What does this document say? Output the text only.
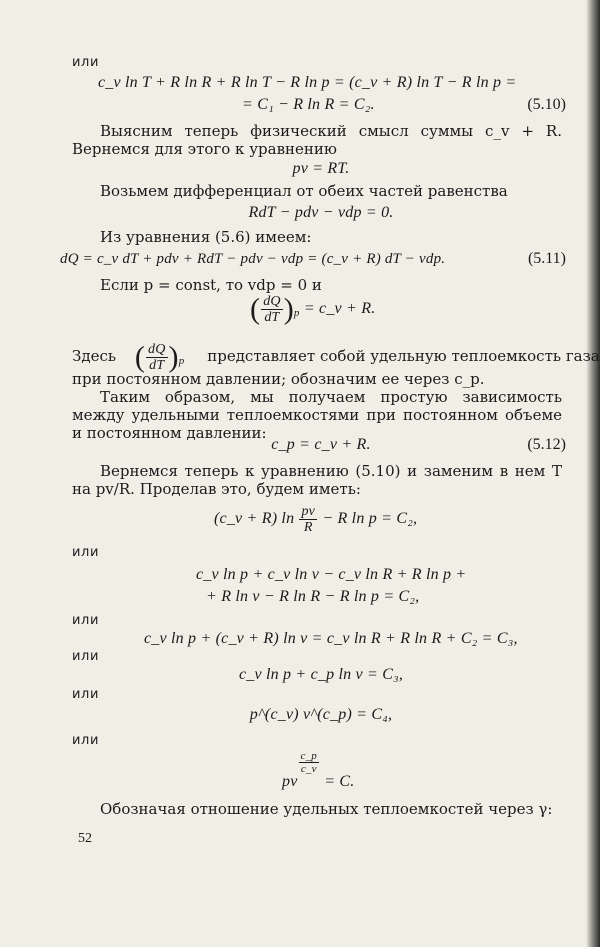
или
c_v ln T + R ln R + R ln T − R ln p = (c_v + R) ln T − R ln p =
= C₁ − R ln R = C₂.	(5.10)
Выясним теперь физический смысл суммы c_v + R. Вернемся для этого к уравнению
pv = RT.
Возьмем дифференциал от обеих частей равенства
RdT − pdv − vdp = 0.
Из уравнения (5.6) имеем:
dQ = c_v dT + pdv + RdT − pdv − vdp = (c_v + R) dT − vdp.	(5.11)
Если p = const, то vdp = 0 и
( $\frac{dQ}{dT} )_p$ = c_v + R.
Здесь ( $\frac{dQ}{dT} )_p$ представляет собой удельную теплоемкость газа
при постоянном давлении; обозначим ее через c_p.
Таким образом, мы получаем простую зависимость между удельными теплоемкостями при постоянном объеме и постоянном давлении:
c_p = c_v + R.	(5.12)
Вернемся теперь к уравнению (5.10) и заменим в нем T на pv/R. Проделав это, будем иметь:
(c_v + R) $\ln \frac{pv}{R} - R$ ln p = C₂,
или
c_v ln p + c_v ln v − c_v ln R + R ln p +
+ R ln v − R ln R − R ln p = C₂,
или
c_v ln p + (c_v + R) ln v = c_v ln R + R ln R + C₂ = C₃,
или
c_v ln p + c_p ln v = C₃,
или
p^(c_v) v^(c_p) = C₄,
или
pv
$\frac{c\_p}{c\_v}$
= C.
Обозначая отношение удельных теплоемкостей через γ:
52
